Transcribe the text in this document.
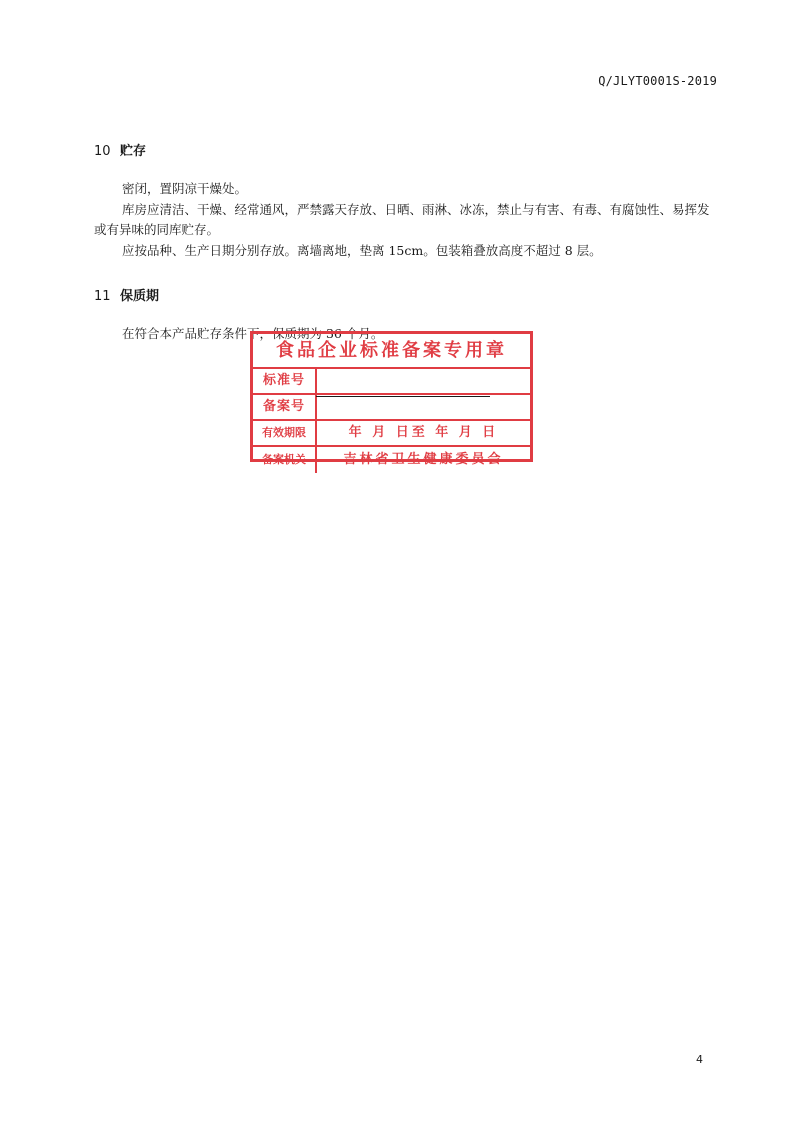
Q/JLYT0001S-2019
10 贮存

密闭，置阴凉干燥处。

库房应清洁、干燥、经常通风，严禁露天存放、日晒、雨淋、冰冻，禁止与有害、有毒、有腐蚀性、易挥发或有异味的同库贮存。

应按品种、生产日期分别存放。离墙离地，垫离 15cm。包装箱叠放高度不超过 8 层。

11 保质期

在符合本产品贮存条件下，保质期为 36 个月。

食品企业标准备案专用章
标准号
备案号
有效期限	年 月 日至 年 月 日
备案机关	吉林省卫生健康委员会
4
